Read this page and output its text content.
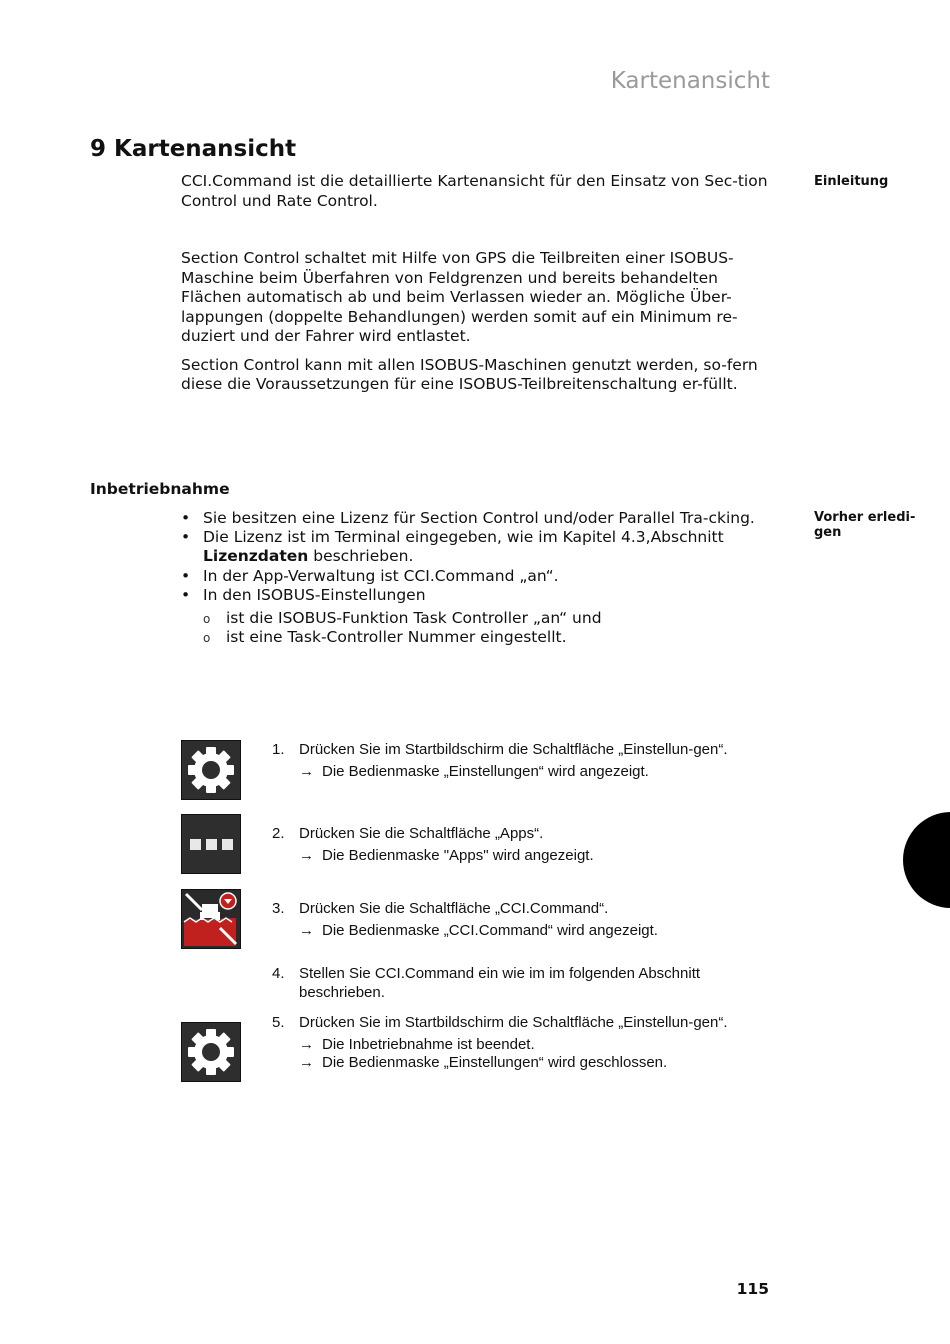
Kartenansicht
9 Kartenansicht
Einleitung

CCI.Command ist die detaillierte Kartenansicht für den Einsatz von Sec-tion Control und Rate Control.

Section Control schaltet mit Hilfe von GPS die Teilbreiten einer ISOBUS-Maschine beim Überfahren von Feldgrenzen und bereits behandelten Flächen automatisch ab und beim Verlassen wieder an. Mögliche Über-lappungen (doppelte Behandlungen) werden somit auf ein Minimum re-duziert und der Fahrer wird entlastet.

Section Control kann mit allen ISOBUS-Maschinen genutzt werden, so-fern diese die Voraussetzungen für eine ISOBUS-Teilbreitenschaltung er-füllt.

Inbetriebnahme
Vorher erledi-
gen
• Sie besitzen eine Lizenz für Section Control und/oder Parallel Tra-cking.
• Die Lizenz ist im Terminal eingegeben, wie im Kapitel 4.3,Abschnitt Lizenzdaten beschrieben.
• In der App-Verwaltung ist CCI.Command „an“.
• In den ISOBUS-Einstellungen
o ist die ISOBUS-Funktion Task Controller „an“ und
o ist eine Task-Controller Nummer eingestellt.
1. Drücken Sie im Startbildschirm die Schaltfläche „Einstellun-gen“.
→ Die Bedienmaske „Einstellungen“ wird angezeigt.
2. Drücken Sie die Schaltfläche „Apps“.
→ Die Bedienmaske "Apps" wird angezeigt.
3. Drücken Sie die Schaltfläche „CCI.Command“.
→ Die Bedienmaske „CCI.Command“ wird angezeigt.
4. Stellen Sie CCI.Command ein wie im im folgenden Abschnitt beschrieben.
5. Drücken Sie im Startbildschirm die Schaltfläche „Einstellun-gen“.
→ Die Inbetriebnahme ist beendet.
→ Die Bedienmaske „Einstellungen“ wird geschlossen.
115
